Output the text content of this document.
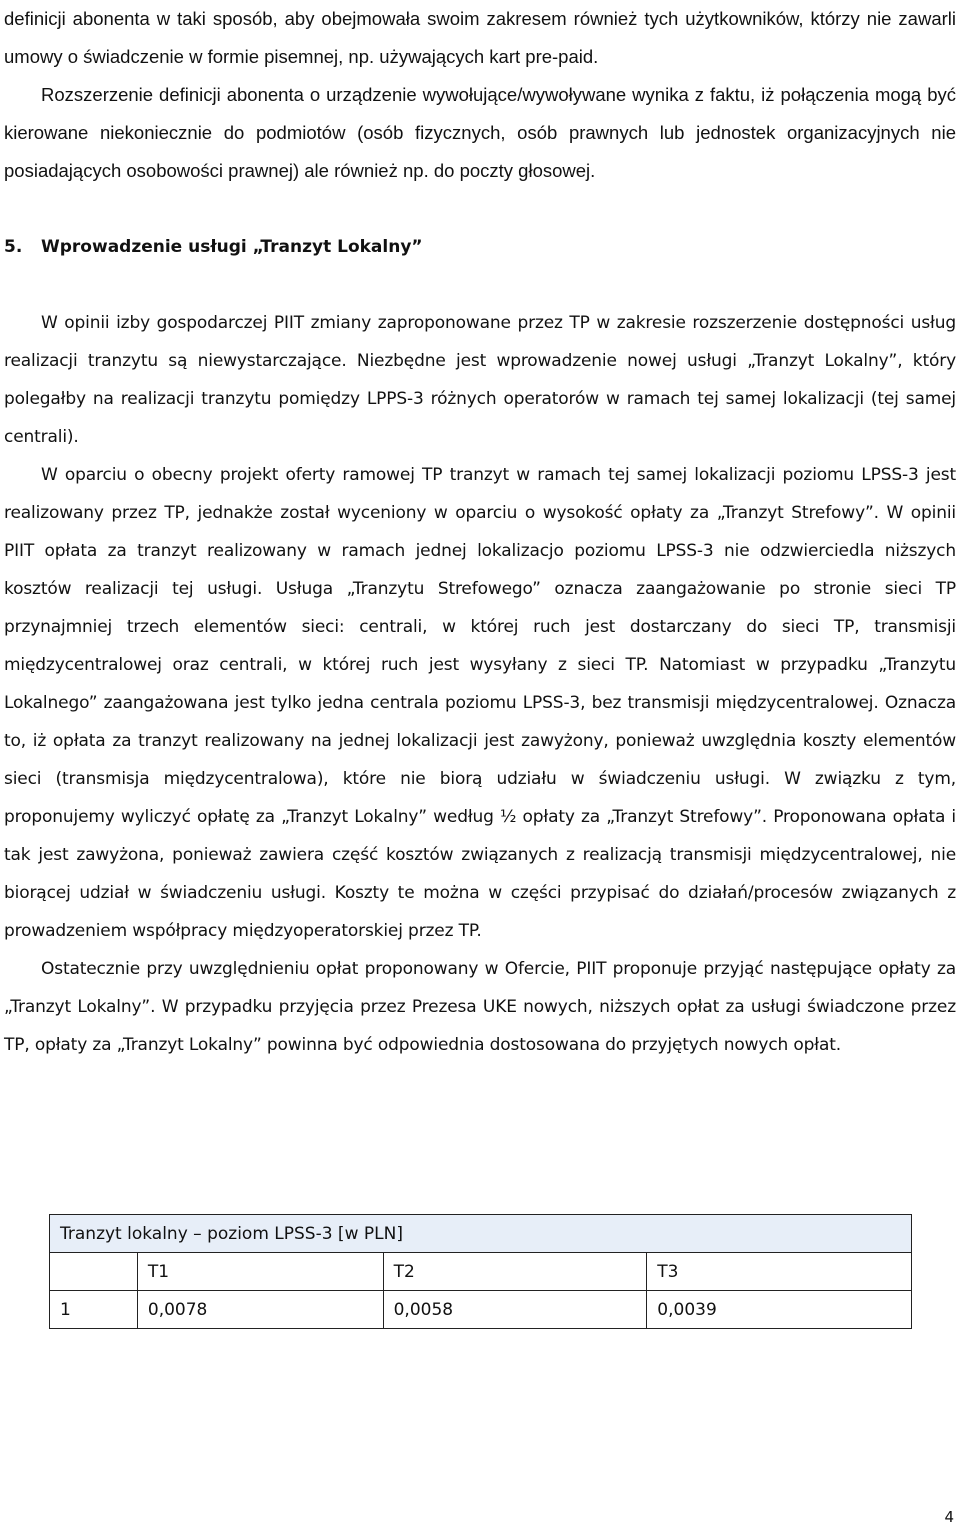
definicji abonenta w taki sposób, aby obejmowała swoim zakresem również tych użytkowników, którzy nie zawarli umowy o świadczenie w formie pisemnej, np. używających kart pre-paid.

Rozszerzenie definicji abonenta o urządzenie wywołujące/wywoływane wynika z faktu, iż połączenia mogą być kierowane niekoniecznie do podmiotów (osób fizycznych, osób prawnych lub jednostek organizacyjnych nie posiadających osobowości prawnej) ale również np. do poczty głosowej.

5. Wprowadzenie usługi „Tranzyt Lokalny”

W opinii izby gospodarczej PIIT zmiany zaproponowane przez TP w zakresie rozszerzenie dostępności usług realizacji tranzytu są niewystarczające. Niezbędne jest wprowadzenie nowej usługi „Tranzyt Lokalny”, który polegałby na realizacji tranzytu pomiędzy LPPS-3 różnych operatorów w ramach tej samej lokalizacji (tej samej centrali).

W oparciu o obecny projekt oferty ramowej TP tranzyt w ramach tej samej lokalizacji poziomu LPSS-3 jest realizowany przez TP, jednakże został wyceniony w oparciu o wysokość opłaty za „Tranzyt Strefowy”. W opinii PIIT opłata za tranzyt realizowany w ramach jednej lokalizacjo poziomu LPSS-3 nie odzwierciedla niższych kosztów realizacji tej usługi. Usługa „Tranzytu Strefowego” oznacza zaangażowanie po stronie sieci TP przynajmniej trzech elementów sieci: centrali, w której ruch jest dostarczany do sieci TP, transmisji międzycentralowej oraz centrali, w której ruch jest wysyłany z sieci TP. Natomiast w przypadku „Tranzytu Lokalnego” zaangażowana jest tylko jedna centrala poziomu LPSS-3, bez transmisji międzycentralowej. Oznacza to, iż opłata za tranzyt realizowany na jednej lokalizacji jest zawyżony, ponieważ uwzględnia koszty elementów sieci (transmisja międzycentralowa), które nie biorą udziału w świadczeniu usługi. W związku z tym, proponujemy wyliczyć opłatę za „Tranzyt Lokalny” według ½ opłaty za „Tranzyt Strefowy”. Proponowana opłata i tak jest zawyżona, ponieważ zawiera część kosztów związanych z realizacją transmisji międzycentralowej, nie biorącej udział w świadczeniu usługi. Koszty te można w części przypisać do działań/procesów związanych z prowadzeniem współpracy międzyoperatorskiej przez TP.

Ostatecznie przy uwzględnieniu opłat proponowany w Ofercie, PIIT proponuje przyjąć następujące opłaty za „Tranzyt Lokalny”. W przypadku przyjęcia przez Prezesa UKE nowych, niższych opłat za usługi świadczone przez TP, opłaty za „Tranzyt Lokalny” powinna być odpowiednia dostosowana do przyjętych nowych opłat.

Tranzyt lokalny – poziom LPSS-3 [w PLN]			
	T1	T2	T3
1	0,0078	0,0058	0,0039
4
